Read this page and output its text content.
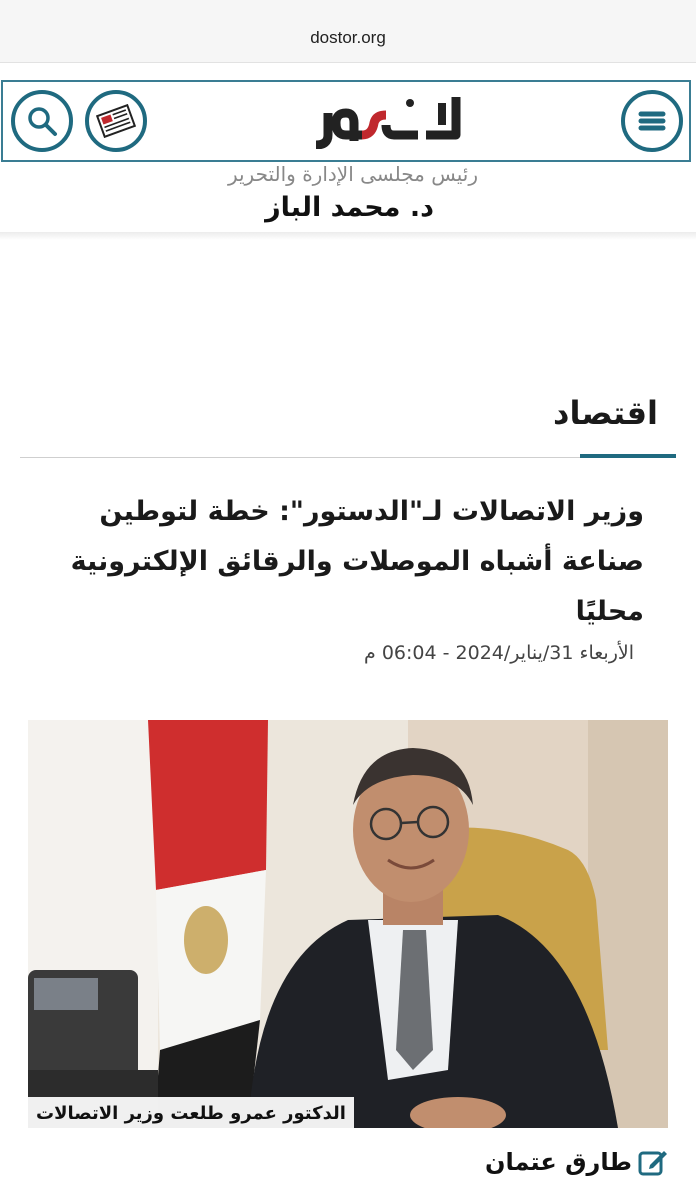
dostor.org
رئيس مجلسى الإدارة والتحرير
د. محمد الباز
اقتصاد
وزير الاتصالات لـ"الدستور": خطة لتوطين صناعة أشباه الموصلات والرقائق الإلكترونية محليًا
الأربعاء 31/يناير/2024 - 06:04 م
الدكتور عمرو طلعت وزير الاتصالات
طارق عتمان
